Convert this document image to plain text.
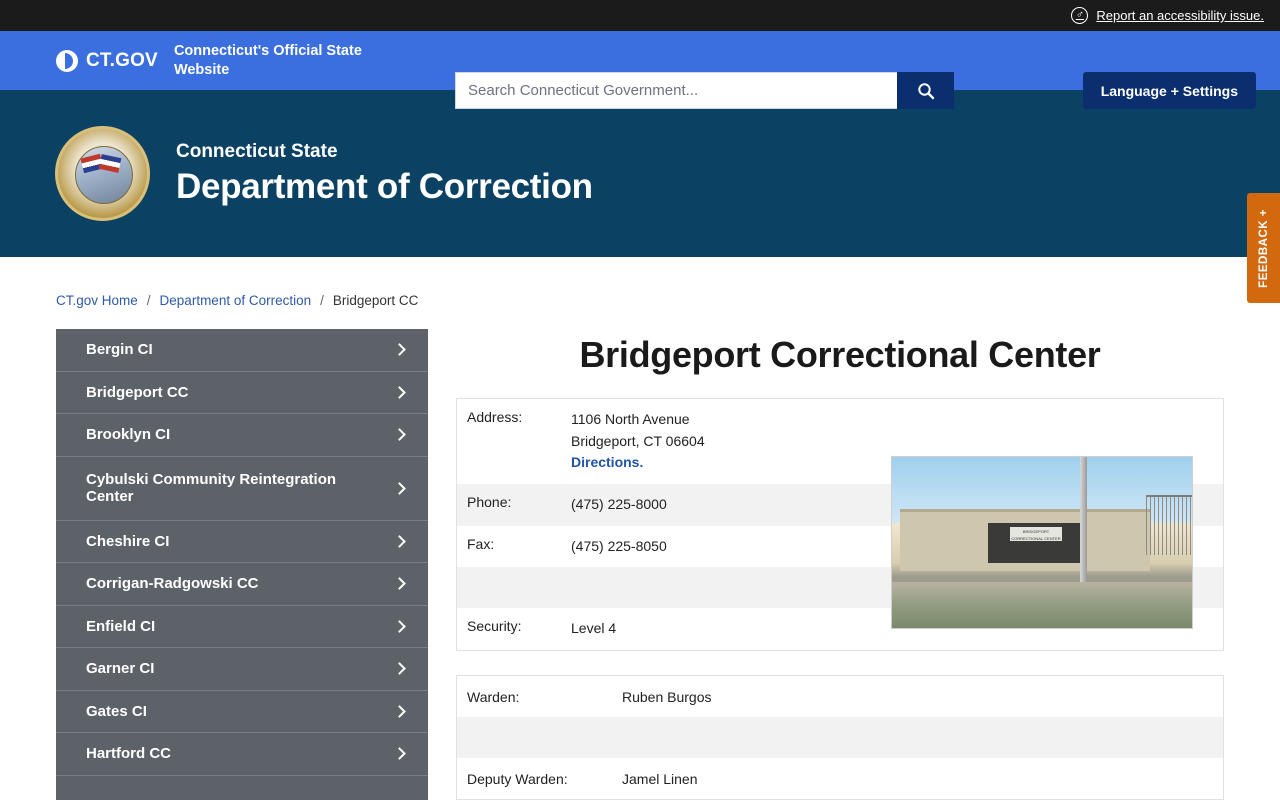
♂ Report an accessibility issue.
CT.GOV Connecticut's Official State Website
Search Connecticut Government...
Language + Settings
Connecticut State
Department of Correction
FEEDBACK +
CT.gov Home / Department of Correction / Bridgeport CC
Bergin CI
Bridgeport CC
Brooklyn CI
Cybulski Community Reintegration Center
Cheshire CI
Corrigan-Radgowski CC
Enfield CI
Garner CI
Gates CI
Hartford CC
Bridgeport Correctional Center
Address:	1106 North Avenue
Bridgeport, CT 06604
Directions.
Phone:	(475) 225-8000
Fax:	(475) 225-8050

Security:	Level 4
BRIDGEPORT CORRECTIONAL CENTER
Warden:	Ruben Burgos
Deputy Warden:	Jamel Linen
